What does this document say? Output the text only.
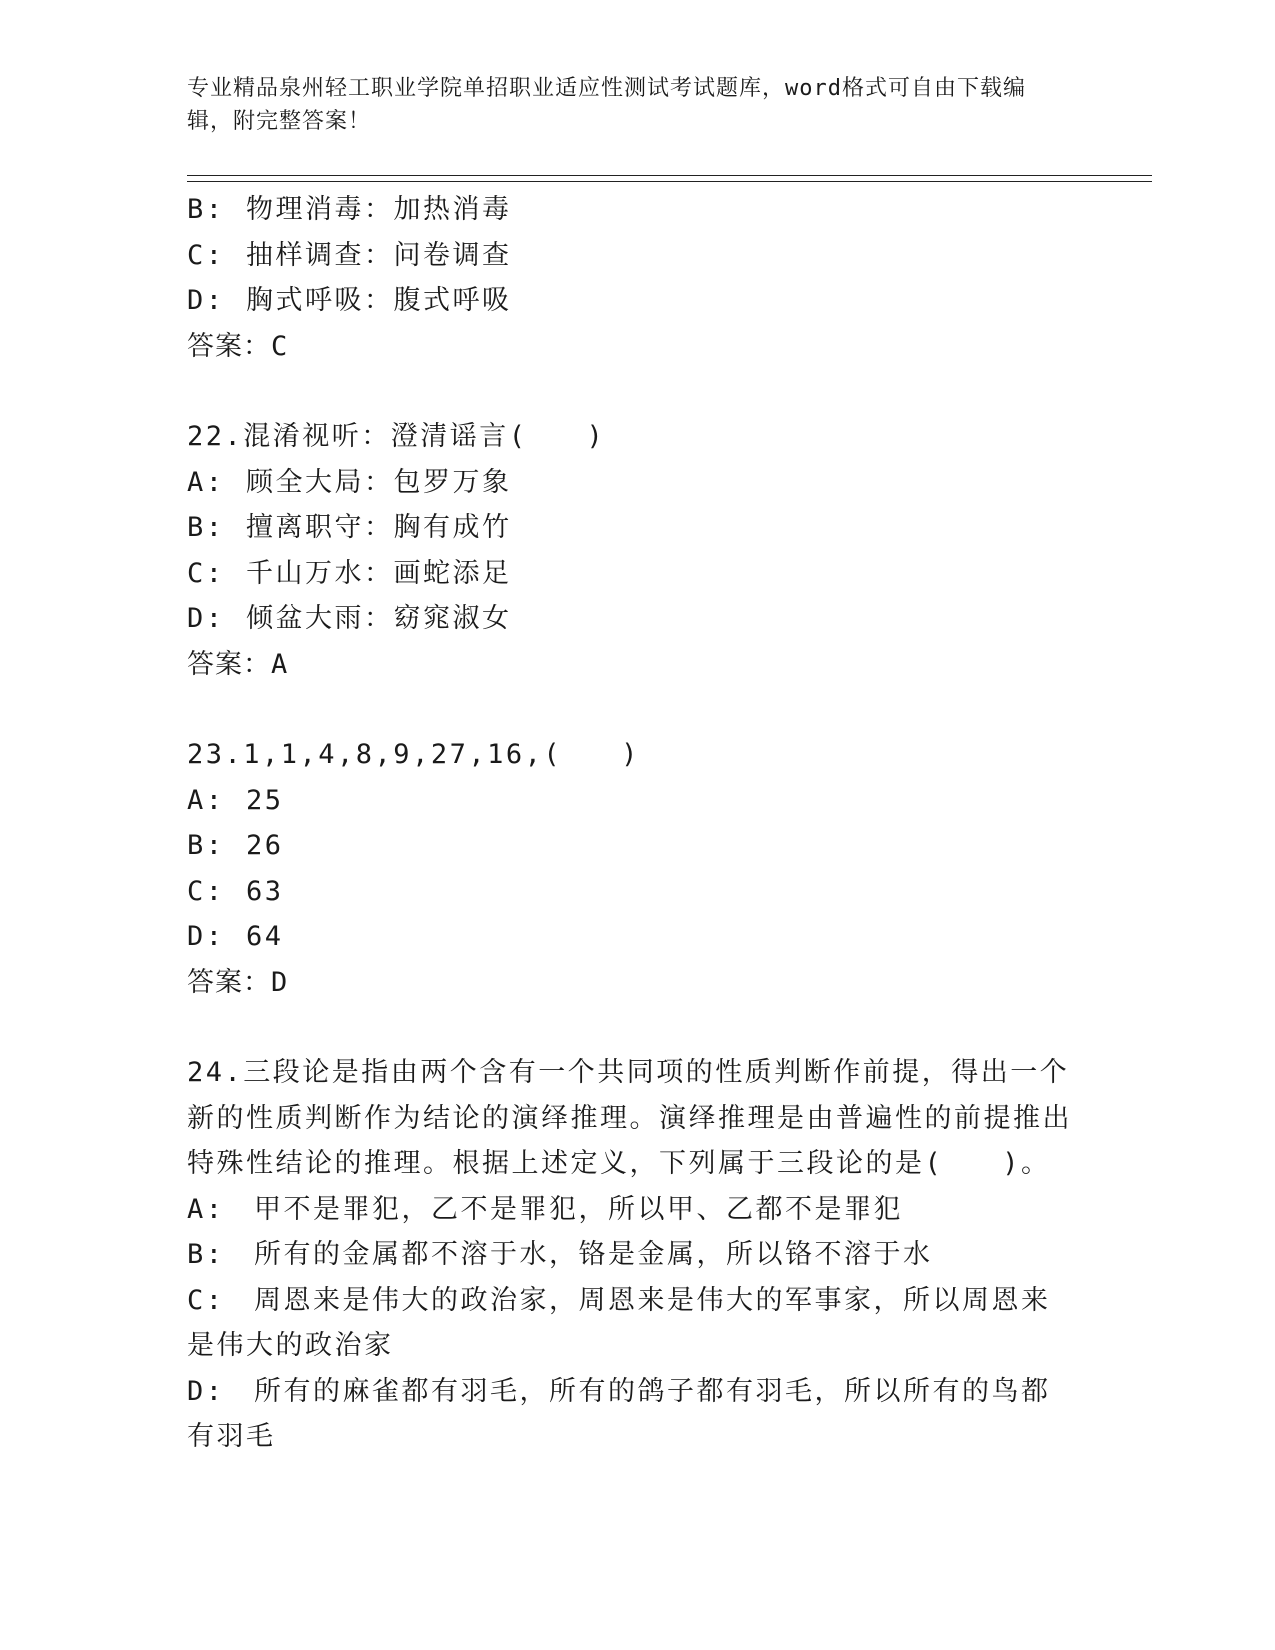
专业精品泉州轻工职业学院单招职业适应性测试考试题库，word格式可自由下载编辑，附完整答案！
B: 物理消毒：加热消毒
C: 抽样调查：问卷调查
D: 胸式呼吸：腹式呼吸
答案：C
22.混淆视听：澄清谣言(　　)
A: 顾全大局：包罗万象
B: 擅离职守：胸有成竹
C: 千山万水：画蛇添足
D: 倾盆大雨：窈窕淑女
答案：A
23.1,1,4,8,9,27,16,(　　)
A: 25
B: 26
C: 63
D: 64
答案：D
24.三段论是指由两个含有一个共同项的性质判断作前提，得出一个新的性质判断作为结论的演绎推理。演绎推理是由普遍性的前提推出特殊性结论的推理。根据上述定义，下列属于三段论的是(　　)。
A:　 甲不是罪犯，乙不是罪犯，所以甲、乙都不是罪犯
B:　 所有的金属都不溶于水，铬是金属，所以铬不溶于水
C:　 周恩来是伟大的政治家，周恩来是伟大的军事家，所以周恩来是伟大的政治家
D:　 所有的麻雀都有羽毛，所有的鸽子都有羽毛，所以所有的鸟都有羽毛
